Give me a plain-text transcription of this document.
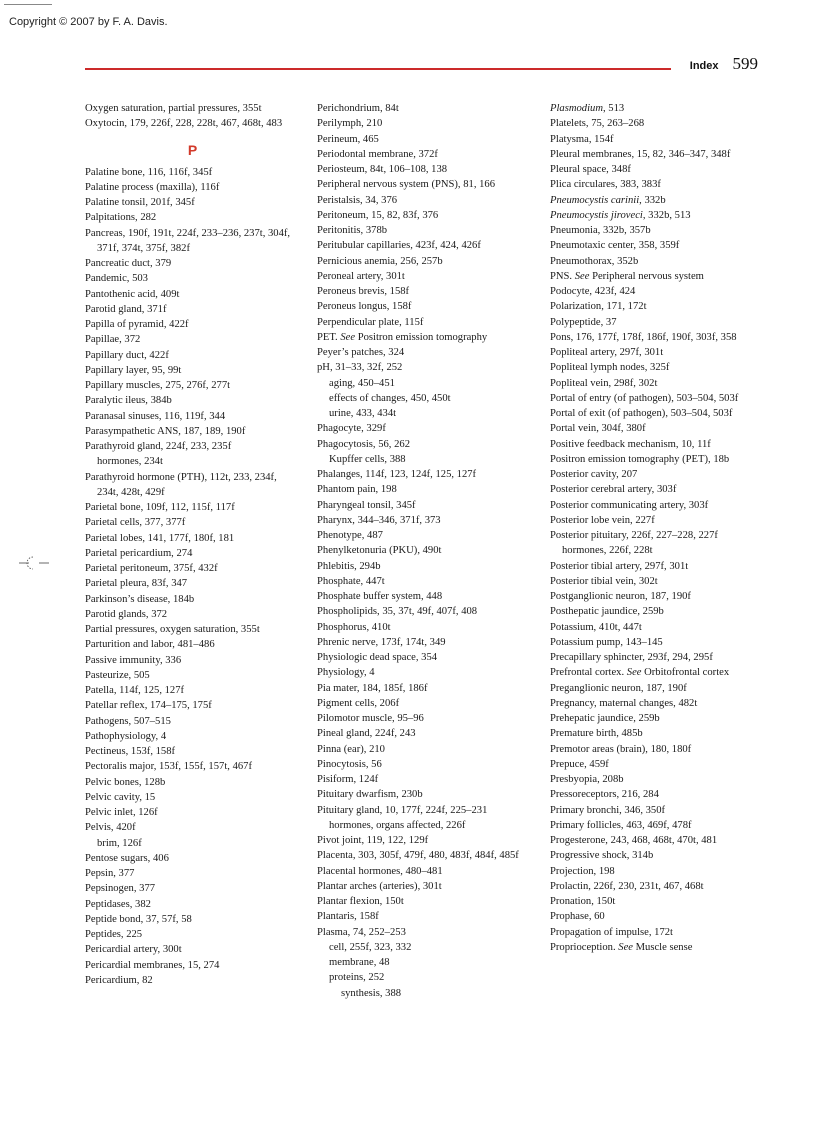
Copyright © 2007 by F. A. Davis.
Index 599
Oxygen saturation, partial pressures, 355t
Oxytocin, 179, 226f, 228, 228t, 467, 468t, 483
P
Palatine bone, 116, 116f, 345f
Palatine process (maxilla), 116f
Palatine tonsil, 201f, 345f
Palpitations, 282
Pancreas, 190f, 191t, 224f, 233–236, 237t, 304f, 371f, 374t, 375f, 382f
Pancreatic duct, 379
Pandemic, 503
Pantothenic acid, 409t
Parotid gland, 371f
Papilla of pyramid, 422f
Papillae, 372
Papillary duct, 422f
Papillary layer, 95, 99t
Papillary muscles, 275, 276f, 277t
Paralytic ileus, 384b
Paranasal sinuses, 116, 119f, 344
Parasympathetic ANS, 187, 189, 190f
Parathyroid gland, 224f, 233, 235f
hormones, 234t
Parathyroid hormone (PTH), 112t, 233, 234f, 234t, 428t, 429f
Parietal bone, 109f, 112, 115f, 117f
Parietal cells, 377, 377f
Parietal lobes, 141, 177f, 180f, 181
Parietal pericardium, 274
Parietal peritoneum, 375f, 432f
Parietal pleura, 83f, 347
Parkinson’s disease, 184b
Parotid glands, 372
Partial pressures, oxygen saturation, 355t
Parturition and labor, 481–486
Passive immunity, 336
Pasteurize, 505
Patella, 114f, 125, 127f
Patellar reflex, 174–175, 175f
Pathogens, 507–515
Pathophysiology, 4
Pectineus, 153f, 158f
Pectoralis major, 153f, 155f, 157t, 467f
Pelvic bones, 128b
Pelvic cavity, 15
Pelvic inlet, 126f
Pelvis, 420f
brim, 126f
Pentose sugars, 406
Pepsin, 377
Pepsinogen, 377
Peptidases, 382
Peptide bond, 37, 57f, 58
Peptides, 225
Pericardial artery, 300t
Pericardial membranes, 15, 274
Pericardium, 82
Perichondrium, 84t
Perilymph, 210
Perineum, 465
Periodontal membrane, 372f
Periosteum, 84t, 106–108, 138
Peripheral nervous system (PNS), 81, 166
Peristalsis, 34, 376
Peritoneum, 15, 82, 83f, 376
Peritonitis, 378b
Peritubular capillaries, 423f, 424, 426f
Pernicious anemia, 256, 257b
Peroneal artery, 301t
Peroneus brevis, 158f
Peroneus longus, 158f
Perpendicular plate, 115f
PET. See Positron emission tomography
Peyer’s patches, 324
pH, 31–33, 32f, 252
aging, 450–451
effects of changes, 450, 450t
urine, 433, 434t
Phagocyte, 329f
Phagocytosis, 56, 262
Kupffer cells, 388
Phalanges, 114f, 123, 124f, 125, 127f
Phantom pain, 198
Pharyngeal tonsil, 345f
Pharynx, 344–346, 371f, 373
Phenotype, 487
Phenylketonuria (PKU), 490t
Phlebitis, 294b
Phosphate, 447t
Phosphate buffer system, 448
Phospholipids, 35, 37t, 49f, 407f, 408
Phosphorus, 410t
Phrenic nerve, 173f, 174t, 349
Physiologic dead space, 354
Physiology, 4
Pia mater, 184, 185f, 186f
Pigment cells, 206f
Pilomotor muscle, 95–96
Pineal gland, 224f, 243
Pinna (ear), 210
Pinocytosis, 56
Pisiform, 124f
Pituitary dwarfism, 230b
Pituitary gland, 10, 177f, 224f, 225–231
hormones, organs affected, 226f
Pivot joint, 119, 122, 129f
Placenta, 303, 305f, 479f, 480, 483f, 484f, 485f
Placental hormones, 480–481
Plantar arches (arteries), 301t
Plantar flexion, 150t
Plantaris, 158f
Plasma, 74, 252–253
cell, 255f, 323, 332
membrane, 48
proteins, 252
synthesis, 388
Plasmodium, 513
Platelets, 75, 263–268
Platysma, 154f
Pleural membranes, 15, 82, 346–347, 348f
Pleural space, 348f
Plica circulares, 383, 383f
Pneumocystis carinii, 332b
Pneumocystis jiroveci, 332b, 513
Pneumonia, 332b, 357b
Pneumotaxic center, 358, 359f
Pneumothorax, 352b
PNS. See Peripheral nervous system
Podocyte, 423f, 424
Polarization, 171, 172t
Polypeptide, 37
Pons, 176, 177f, 178f, 186f, 190f, 303f, 358
Popliteal artery, 297f, 301t
Popliteal lymph nodes, 325f
Popliteal vein, 298f, 302t
Portal of entry (of pathogen), 503–504, 503f
Portal of exit (of pathogen), 503–504, 503f
Portal vein, 304f, 380f
Positive feedback mechanism, 10, 11f
Positron emission tomography (PET), 18b
Posterior cavity, 207
Posterior cerebral artery, 303f
Posterior communicating artery, 303f
Posterior lobe vein, 227f
Posterior pituitary, 226f, 227–228, 227f
hormones, 226f, 228t
Posterior tibial artery, 297f, 301t
Posterior tibial vein, 302t
Postganglionic neuron, 187, 190f
Posthepatic jaundice, 259b
Potassium, 410t, 447t
Potassium pump, 143–145
Precapillary sphincter, 293f, 294, 295f
Prefrontal cortex. See Orbitofrontal cortex
Preganglionic neuron, 187, 190f
Pregnancy, maternal changes, 482t
Prehepatic jaundice, 259b
Premature birth, 485b
Premotor areas (brain), 180, 180f
Prepuce, 459f
Presbyopia, 208b
Pressoreceptors, 216, 284
Primary bronchi, 346, 350f
Primary follicles, 463, 469f, 478f
Progesterone, 243, 468, 468t, 470t, 481
Progressive shock, 314b
Projection, 198
Prolactin, 226f, 230, 231t, 467, 468t
Pronation, 150t
Prophase, 60
Propagation of impulse, 172t
Proprioception. See Muscle sense
